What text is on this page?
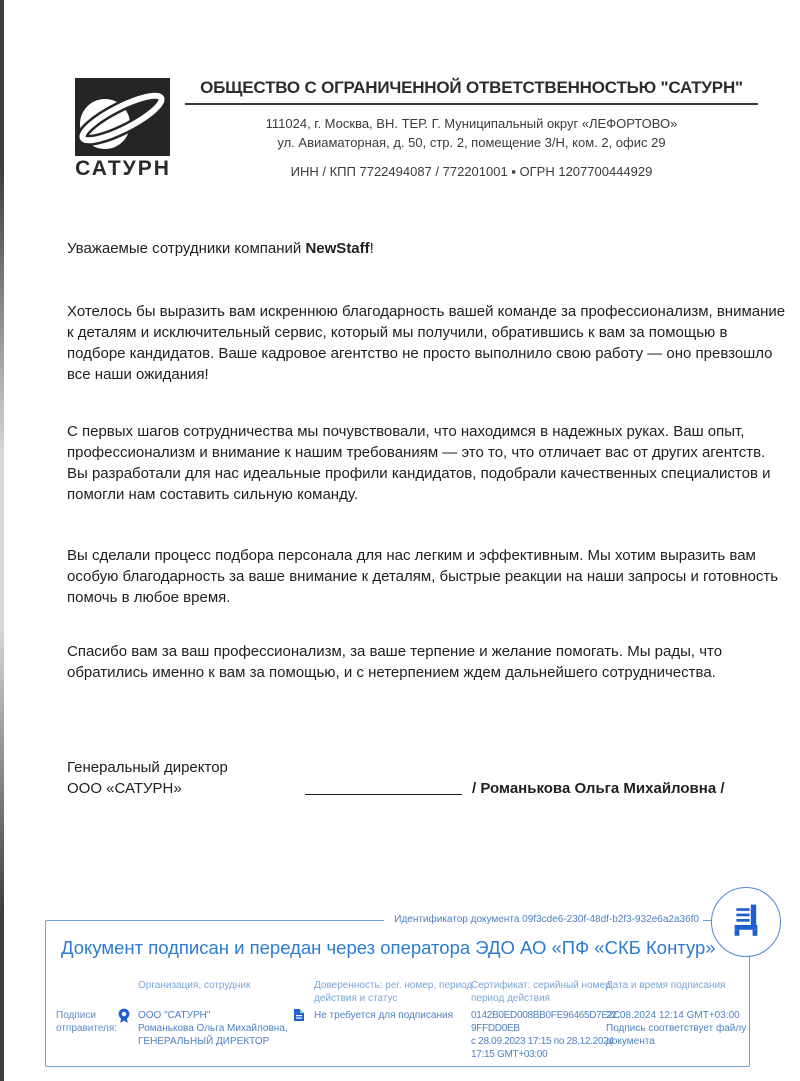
САТУРН
ОБЩЕСТВО С ОГРАНИЧЕННОЙ ОТВЕТСТВЕННОСТЬЮ "САТУРН"
111024, г. Москва, ВН. ТЕР. Г. Муниципальный округ «ЛЕФОРТОВО»
ул. Авиаматорная, д. 50, стр. 2, помещение 3/Н, ком. 2, офис 29
ИНН / КПП 7722494087 / 772201001 ▪ ОГРН 1207700444929

Уважаемые сотрудники компаний NewStaff!

Хотелось бы выразить вам искреннюю благодарность вашей команде за профессионализм, внимание к деталям и исключительный сервис, который мы получили, обратившись к вам за помощью в подборе кандидатов. Ваше кадровое агентство не просто выполнило свою работу — оно превзошло все наши ожидания!

С первых шагов сотрудничества мы почувствовали, что находимся в надежных руках. Ваш опыт, профессионализм и внимание к нашим требованиям — это то, что отличает вас от других агентств. Вы разработали для нас идеальные профили кандидатов, подобрали качественных специалистов и помогли нам составить сильную команду.

Вы сделали процесс подбора персонала для нас легким и эффективным. Мы хотим выразить вам особую благодарность за ваше внимание к деталям, быстрые реакции на наши запросы и готовность помочь в любое время.

Спасибо вам за ваш профессионализм, за ваше терпение и желание помогать. Мы рады, что обратились именно к вам за помощью, и с нетерпением ждем дальнейшего сотрудничества.

Генеральный директор

ООО «САТУРН»	/ Романькова Ольга Михайловна /
Идентификатор документа 09f3cde6-230f-48df-b2f3-932e6a2a36f0
Документ подписан и передан через оператора ЭДО АО «ПФ «СКБ Контур»
Организация, сотрудник	Доверенность: рег. номер, период
действия и статус
Сертификат: серийный номер,
период действия
Дата и время подписания
Подписи
отправителя:
ООО "САТУРН"
Романькова Ольга Михайловна,
ГЕНЕРАЛЬНЫЙ ДИРЕКТОР
Не требуется для подписания 0142B0ED008BB0FE96465D7E2C
9FFDD0EB
с 28.09.2023 17:15 по 28.12.2024
17:15 GMT+03:00
22.08.2024 12:14 GMT+03:00
Подпись соответствует файлу
документа
